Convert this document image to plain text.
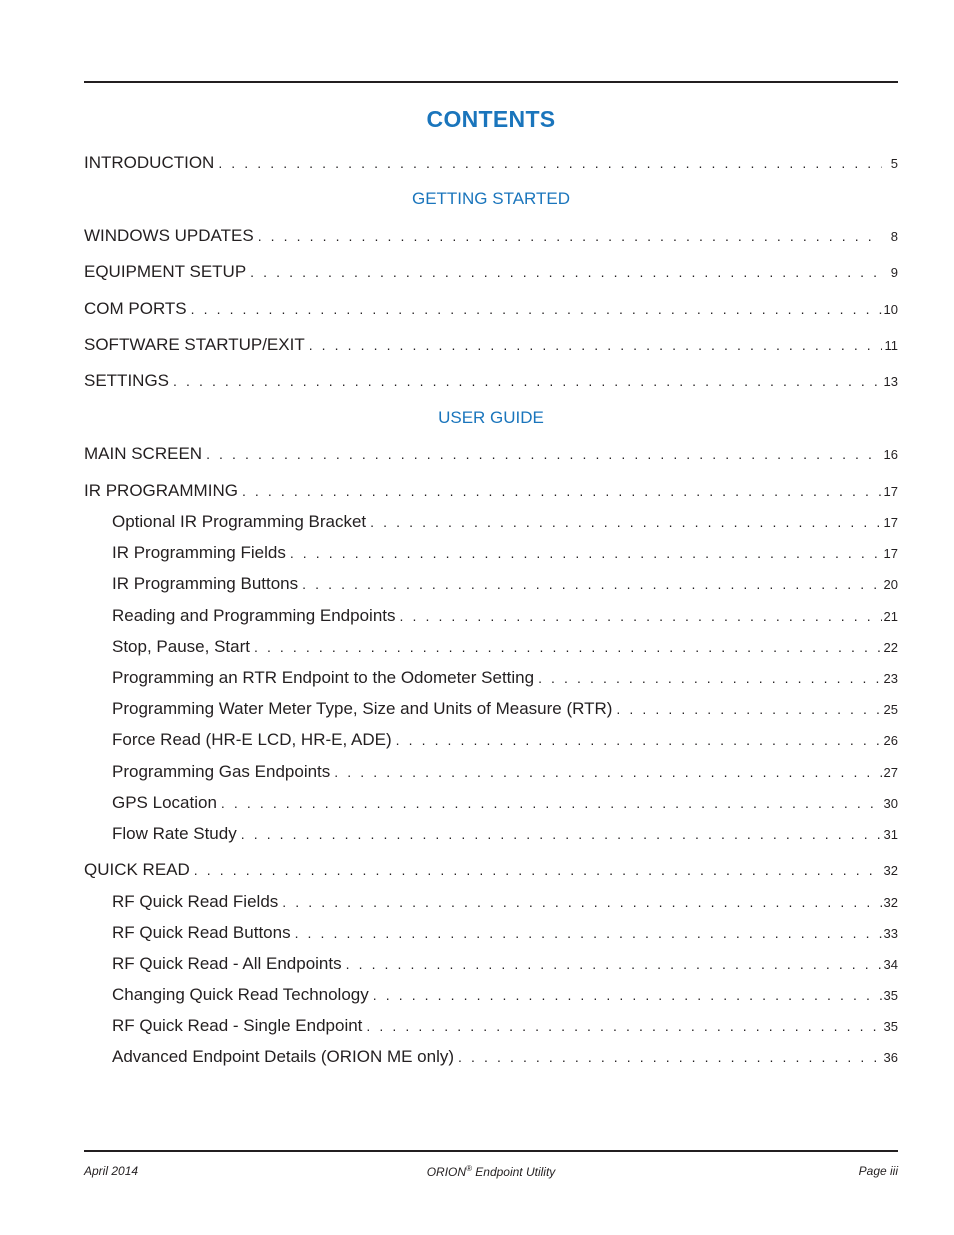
CONTENTS
INTRODUCTION . . .	5
GETTING STARTED
WINDOWS UPDATES . . .	8
EQUIPMENT SETUP . . .	9
COM PORTS . . .	10
SOFTWARE STARTUP/EXIT . . .	11
SETTINGS . . .	13
USER GUIDE
MAIN SCREEN . . .	16
IR PROGRAMMING . . .	17
Optional IR Programming Bracket . . .	17
IR Programming Fields . . .	17
IR Programming Buttons . . .	20
Reading and Programming Endpoints . . .	21
Stop, Pause, Start . . .	22
Programming an RTR Endpoint to the Odometer Setting . . .	23
Programming Water Meter Type, Size and Units of Measure (RTR) . . .	25
Force Read (HR-E LCD, HR-E, ADE) . . .	26
Programming Gas Endpoints . . .	27
GPS Location . . .	30
Flow Rate Study . . .	31
QUICK READ . . .	32
RF Quick Read Fields . . .	32
RF Quick Read Buttons . . .	33
RF Quick Read - All Endpoints . . .	34
Changing Quick Read Technology . . .	35
RF Quick Read - Single Endpoint . . .	35
Advanced Endpoint Details (ORION ME only) . . .	36
April 2014	ORION® Endpoint Utility	Page iii
